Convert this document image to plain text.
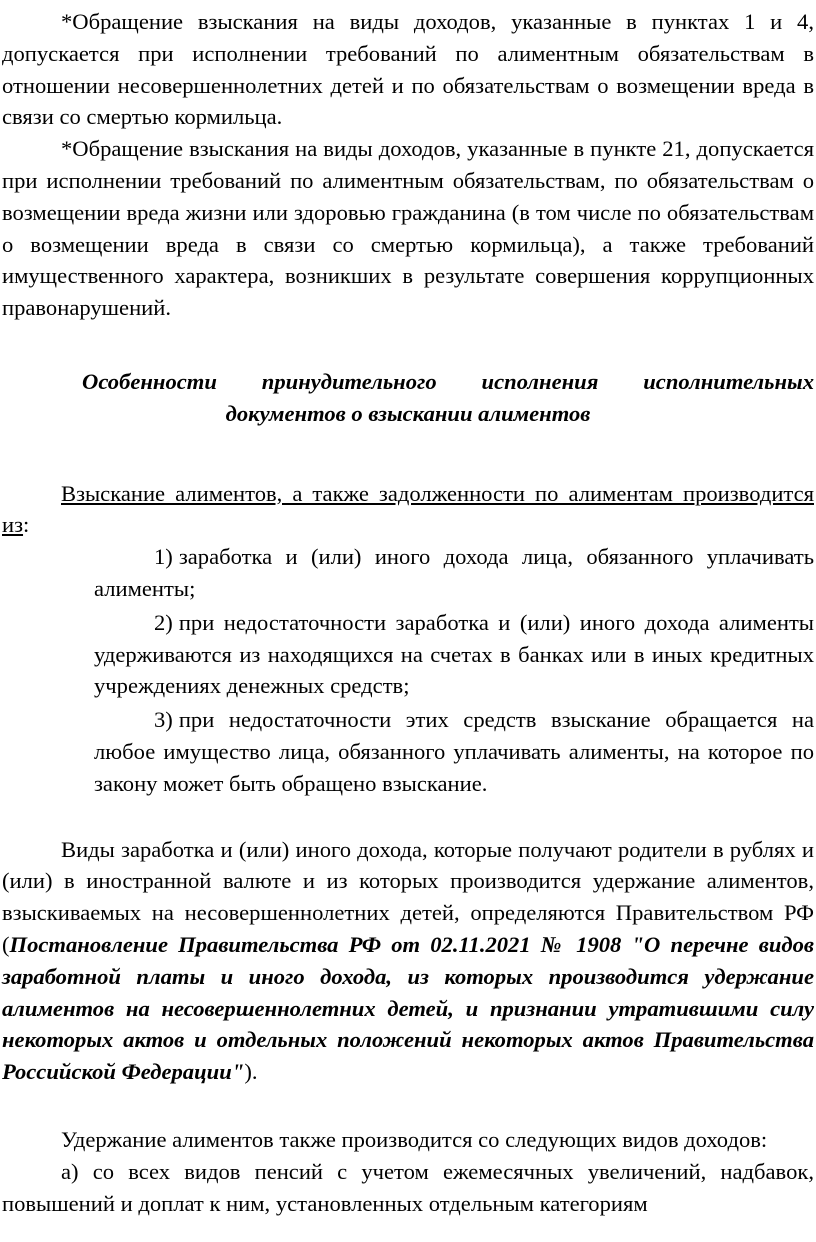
*Обращение взыскания на виды доходов, указанные в пунктах 1 и 4, допускается при исполнении требований по алиментным обязательствам в отношении несовершеннолетних детей и по обязательствам о возмещении вреда в связи со смертью кормильца.

*Обращение взыскания на виды доходов, указанные в пункте 21, допускается при исполнении требований по алиментным обязательствам, по обязательствам о возмещении вреда жизни или здоровью гражданина (в том числе по обязательствам о возмещении вреда в связи со смертью кормильца), а также требований имущественного характера, возникших в результате совершения коррупционных правонарушений.

Особенности принудительного исполнения исполнительных
документов о взыскании алиментов

Взыскание алиментов, а также задолженности по алиментам производится из:

1) заработка и (или) иного дохода лица, обязанного уплачивать алименты;

2) при недостаточности заработка и (или) иного дохода алименты удерживаются из находящихся на счетах в банках или в иных кредитных учреждениях денежных средств;

3) при недостаточности этих средств взыскание обращается на любое имущество лица, обязанного уплачивать алименты, на которое по закону может быть обращено взыскание.

Виды заработка и (или) иного дохода, которые получают родители в рублях и (или) в иностранной валюте и из которых производится удержание алиментов, взыскиваемых на несовершеннолетних детей, определяются Правительством РФ (Постановление Правительства РФ от 02.11.2021 № 1908 "О перечне видов заработной платы и иного дохода, из которых производится удержание алиментов на несовершеннолетних детей, и признании утратившими силу некоторых актов и отдельных положений некоторых актов Правительства Российской Федерации").

Удержание алиментов также производится со следующих видов доходов:

а) со всех видов пенсий с учетом ежемесячных увеличений, надбавок, повышений и доплат к ним, установленных отдельным категориям
